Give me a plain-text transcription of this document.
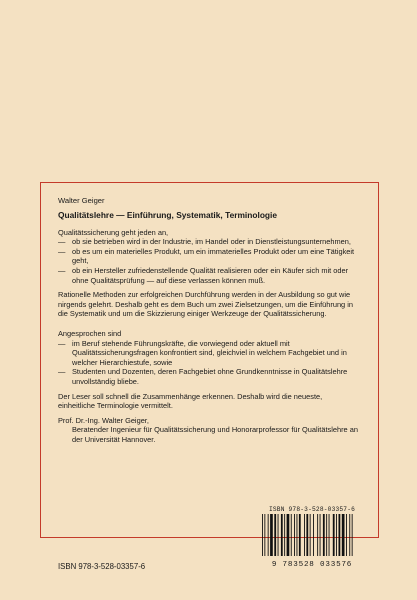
Walter Geiger

Qualitätslehre — Einführung, Systematik, Terminologie

Qualitätssicherung geht jeden an,

— ob sie betrieben wird in der Industrie, im Handel oder in Dienstleistungsunternehmen,
— ob es um ein materielles Produkt, um ein immaterielles Produkt oder um eine Tätigkeit geht,
— ob ein Hersteller zufriedenstellende Qualität realisieren oder ein Käufer sich mit oder ohne Qualitätsprüfung — auf diese verlassen können muß.

Rationelle Methoden zur erfolgreichen Durchführung werden in der Ausbildung so gut wie nirgends gelehrt. Deshalb geht es dem Buch um zwei Zielsetzungen, um die Einführung in die Systematik und um die Skizzierung einiger Werkzeuge der Qualitätssicherung.

Angesprochen sind

— im Beruf stehende Führungskräfte, die vorwiegend oder aktuell mit Qualitätssicherungsfragen konfrontiert sind, gleichviel in welchem Fachgebiet und in welcher Hierarchiestufe, sowie
— Studenten und Dozenten, deren Fachgebiet ohne Grundkenntnisse in Qualitätslehre unvollständig bliebe.

Der Leser soll schnell die Zusammenhänge erkennen. Deshalb wird die neueste, einheitliche Terminologie vermittelt.

Prof. Dr.-Ing. Walter Geiger,

Beratender Ingenieur für Qualitätssicherung und Honorarprofessor für Qualitätslehre an der Universität Hannover.

ISBN 978-3-528-03357-6
9 783528 033576
ISBN 978-3-528-03357-6
